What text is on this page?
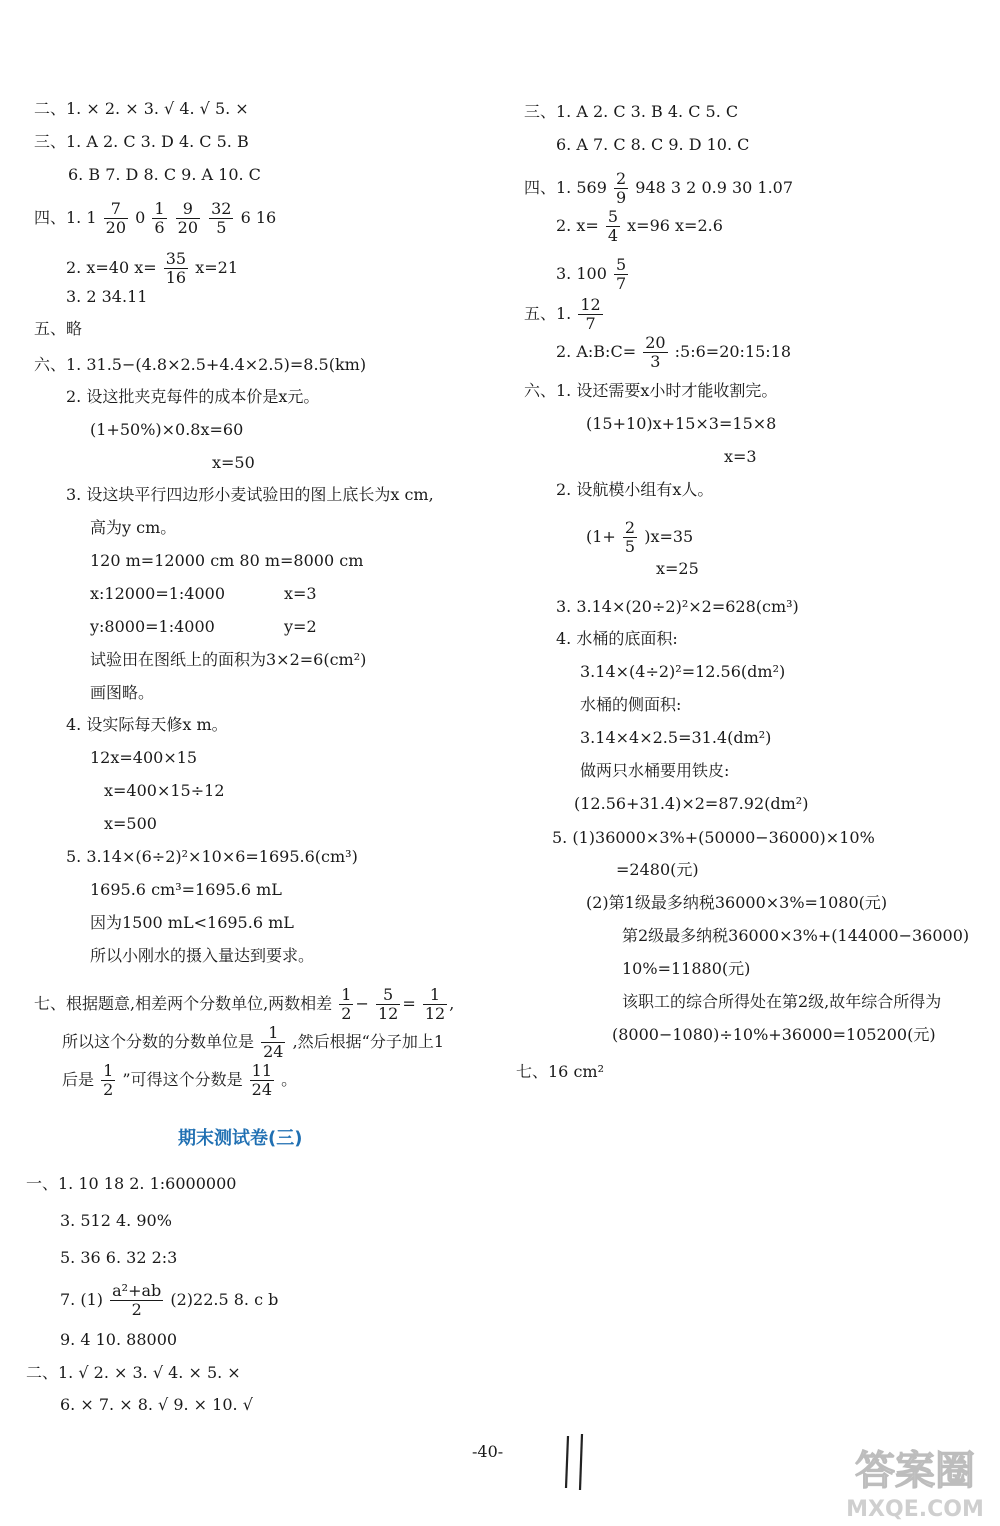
二、1. × 2. × 3. √ 4. √ 5. ×
三、1. A 2. C 3. D 4. C 5. B
6. B 7. D 8. C 9. A 10. C
四、1. $1 \frac{7}{20} 0 \frac{1}{6}$
$\frac{9}{20}$
$\frac{32}{5} 6$ 16
2. x=40 $x= \frac{35}{16} x=21$
3. 2 34.11
五、略
六、1. 31.5−(4.8×2.5+4.4×2.5)=8.5(km)
2. 设这批夹克每件的成本价是x元。
(1+50%)×0.8x=60
x=50
3. 设这块平行四边形小麦试验田的图上底长为x cm,
高为y cm。
120 m=12000 cm 80 m=8000 cm
x:12000=1:4000	x=3
y:8000=1:4000	y=2
试验田在图纸上的面积为3×2=6(cm²)
画图略。
4. 设实际每天修x m。
12x=400×15
x=400×15÷12
x=500
5. 3.14×(6÷2)²×10×6=1695.6(cm³)
1695.6 cm³=1695.6 mL
因为1500 mL<1695.6 mL
所以小刚水的摄入量达到要求。
七、根据题意,相差两个分数单位,两数相差 $\frac{1}{2} - \frac{5}{12} = \frac{1}{12}$ ,
所以这个分数的分数单位是 $\frac{1}{24}$ ,然后根据“分子加上1
后是 $\frac{1}{2}$ ”可得这个分数是 $\frac{11}{24}$ 。
期末测试卷(三)
一、1. 10 18 2. 1:6000000
3. 512 4. 90%
5. 36 6. 32 2:3
7. $(1) \frac{\text{a²+ab}}{2} (2)22.5$ 8. c b
9. 4 10. 88000
二、1. √ 2. × 3. √ 4. × 5. ×
6. × 7. × 8. √ 9. × 10. √
三、1. A 2. C 3. B 4. C 5. C
6. A 7. C 8. C 9. D 10. C
四、1. $569 \frac{2}{9} 948$ 3 2 0.9 30 1.07
2. $x= \frac{5}{4} x=96$ x=2.6
3. $100 \frac{5}{7}$
五、1. $\frac{12}{7}$
2. A:B:C= $\frac{20}{3}$ :5:6=20:15:18
六、1. 设还需要x小时才能收割完。
(15+10)x+15×3=15×8
x=3
2. 设航模小组有x人。
$(1+ \frac{2}{5} )x=35$
x=25
3. 3.14×(20÷2)²×2=628(cm³)
4. 水桶的底面积:
3.14×(4÷2)²=12.56(dm²)
水桶的侧面积:
3.14×4×2.5=31.4(dm²)
做两只水桶要用铁皮:
(12.56+31.4)×2=87.92(dm²)
5. (1)36000×3%+(50000−36000)×10%
=2480(元)
(2)第1级最多纳税36000×3%=1080(元)
第2级最多纳税36000×3%+(144000−36000)
10%=11880(元)
该职工的综合所得处在第2级,故年综合所得为
(8000−1080)÷10%+36000=105200(元)
七、16 cm²
-40-	答案圈
MXQE.COM
